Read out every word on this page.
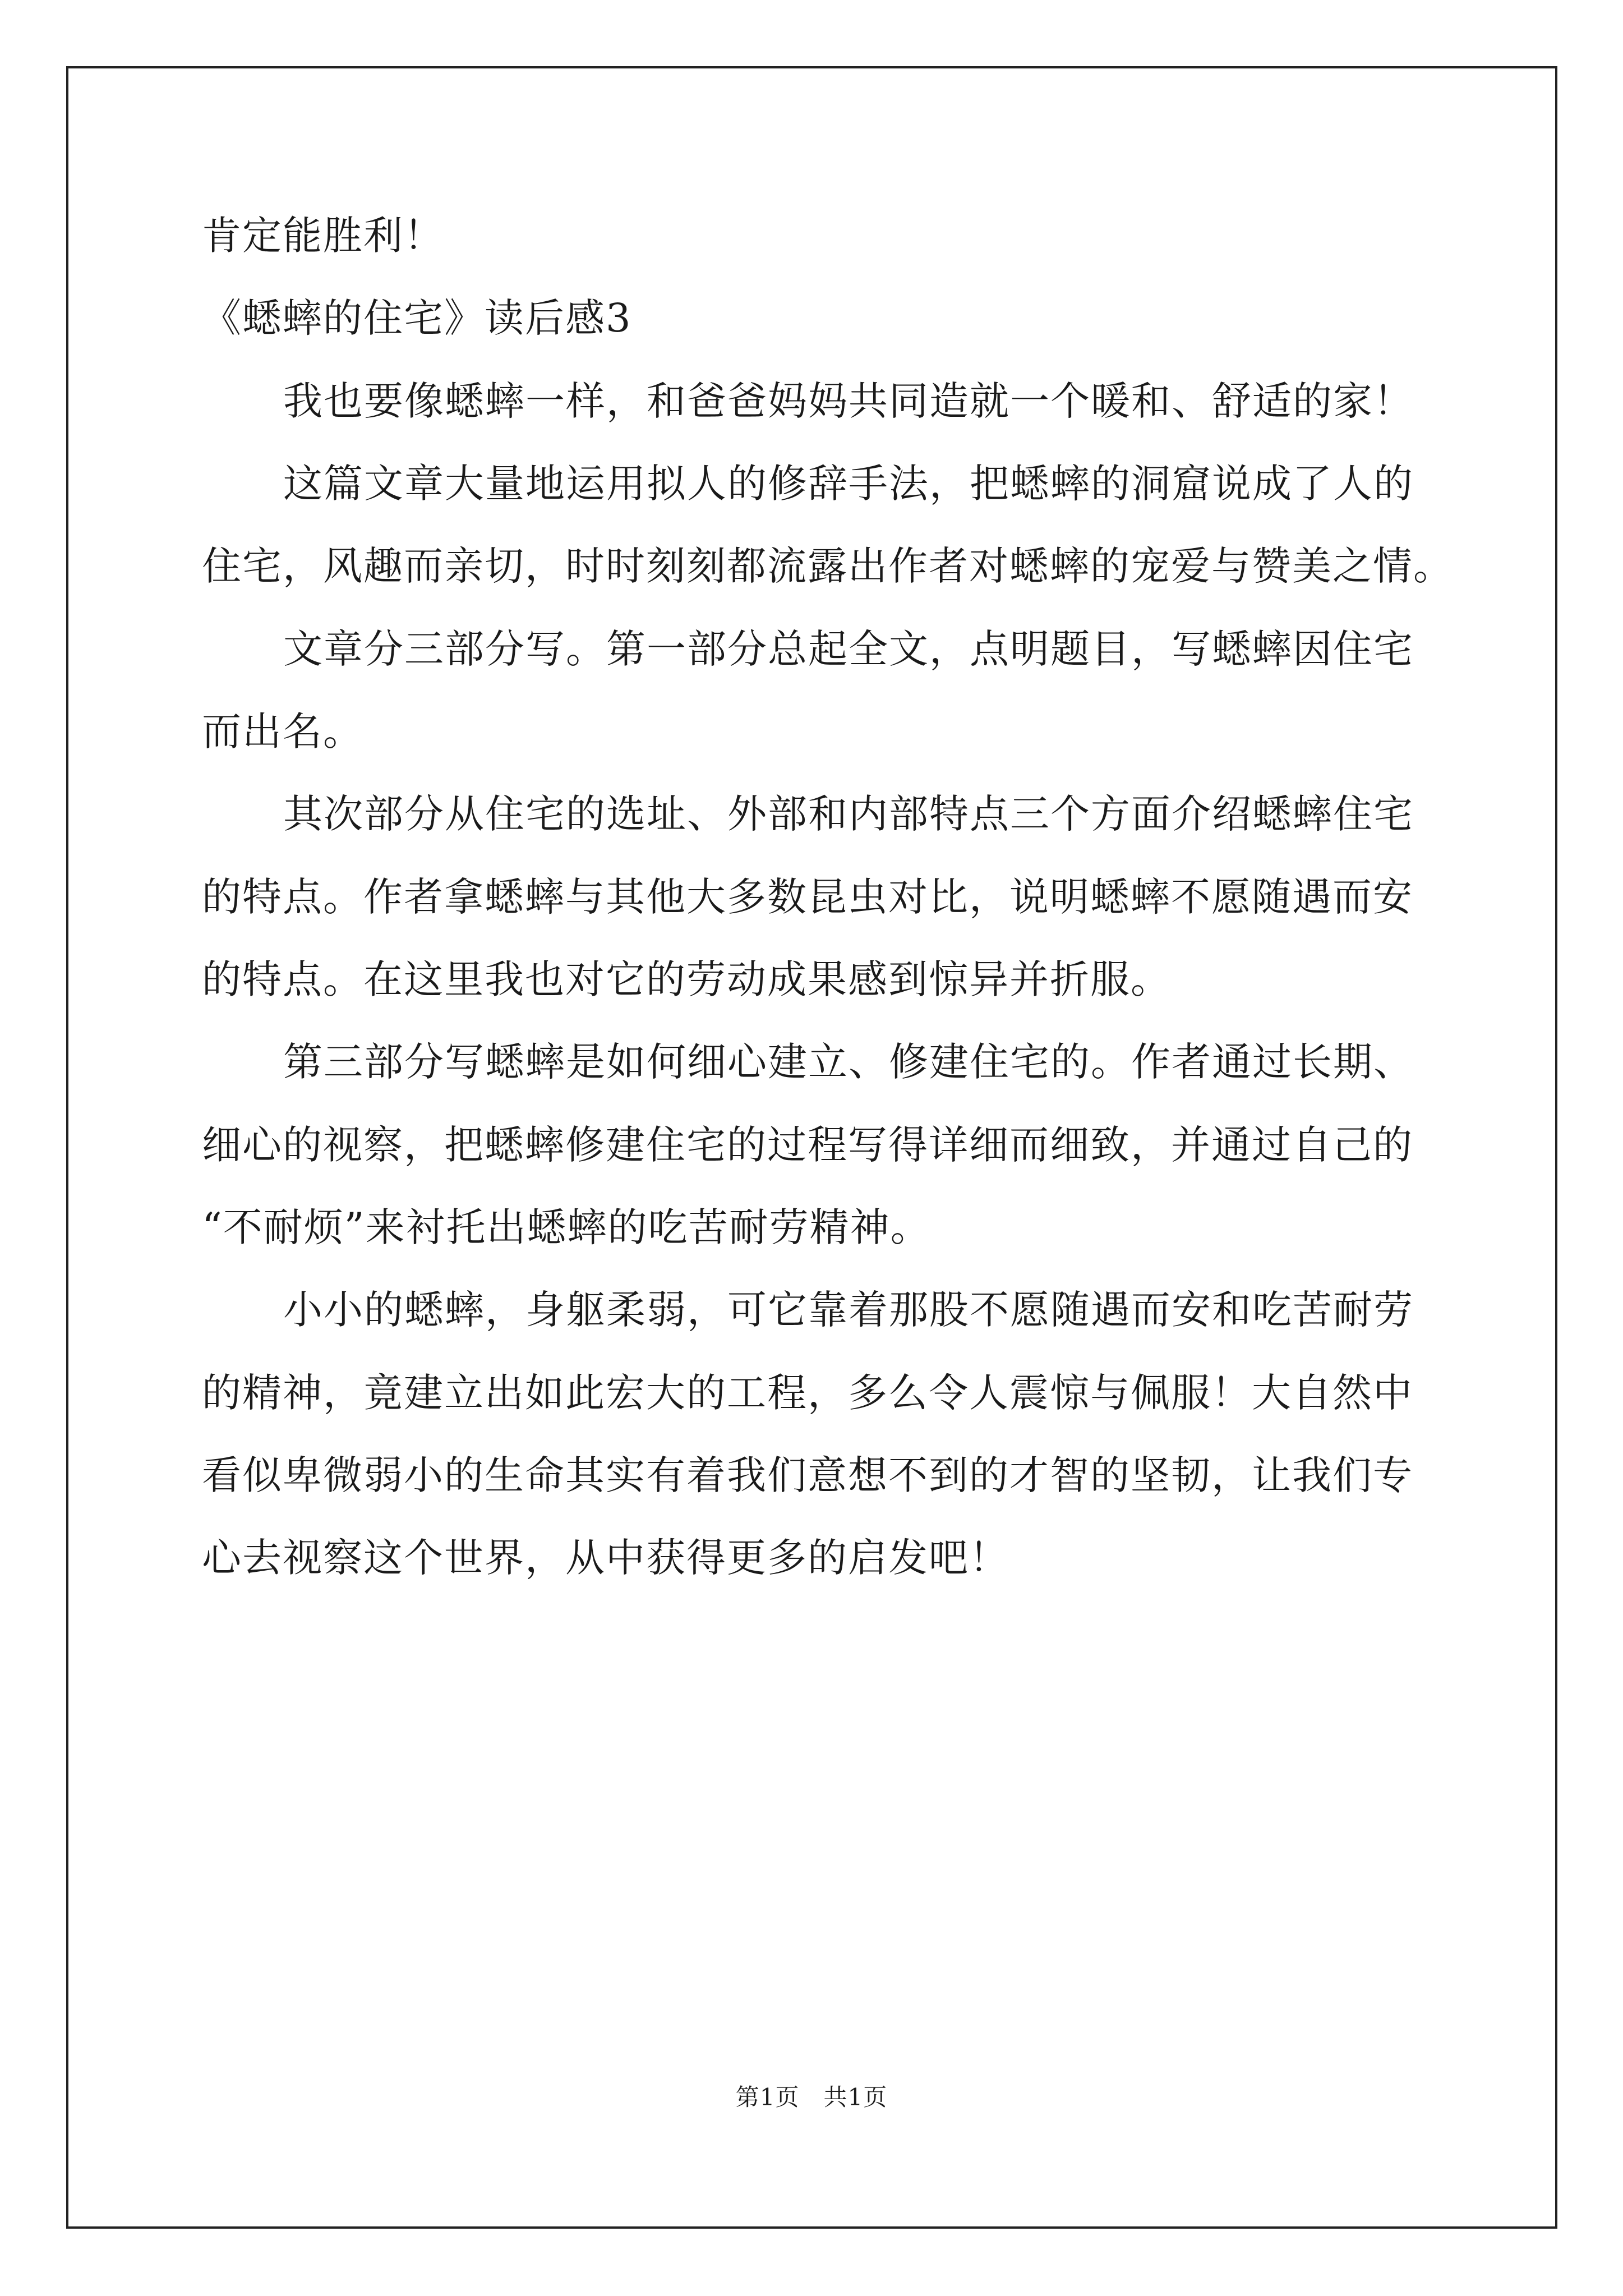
肯定能胜利！
《蟋蟀的住宅》读后感3
我也要像蟋蟀一样，和爸爸妈妈共同造就一个暖和、舒适的家！
这篇文章大量地运用拟人的修辞手法，把蟋蟀的洞窟说成了人的
住宅，风趣而亲切，时时刻刻都流露出作者对蟋蟀的宠爱与赞美之情。
文章分三部分写。第一部分总起全文，点明题目，写蟋蟀因住宅
而出名。
其次部分从住宅的选址、外部和内部特点三个方面介绍蟋蟀住宅
的特点。作者拿蟋蟀与其他大多数昆虫对比，说明蟋蟀不愿随遇而安
的特点。在这里我也对它的劳动成果感到惊异并折服。
第三部分写蟋蟀是如何细心建立、修建住宅的。作者通过长期、
细心的视察，把蟋蟀修建住宅的过程写得详细而细致，并通过自己的
“不耐烦”来衬托出蟋蟀的吃苦耐劳精神。
小小的蟋蟀，身躯柔弱，可它靠着那股不愿随遇而安和吃苦耐劳
的精神，竟建立出如此宏大的工程，多么令人震惊与佩服！大自然中
看似卑微弱小的生命其实有着我们意想不到的才智的坚韧，让我们专
心去视察这个世界，从中获得更多的启发吧！
第1页　共1页
